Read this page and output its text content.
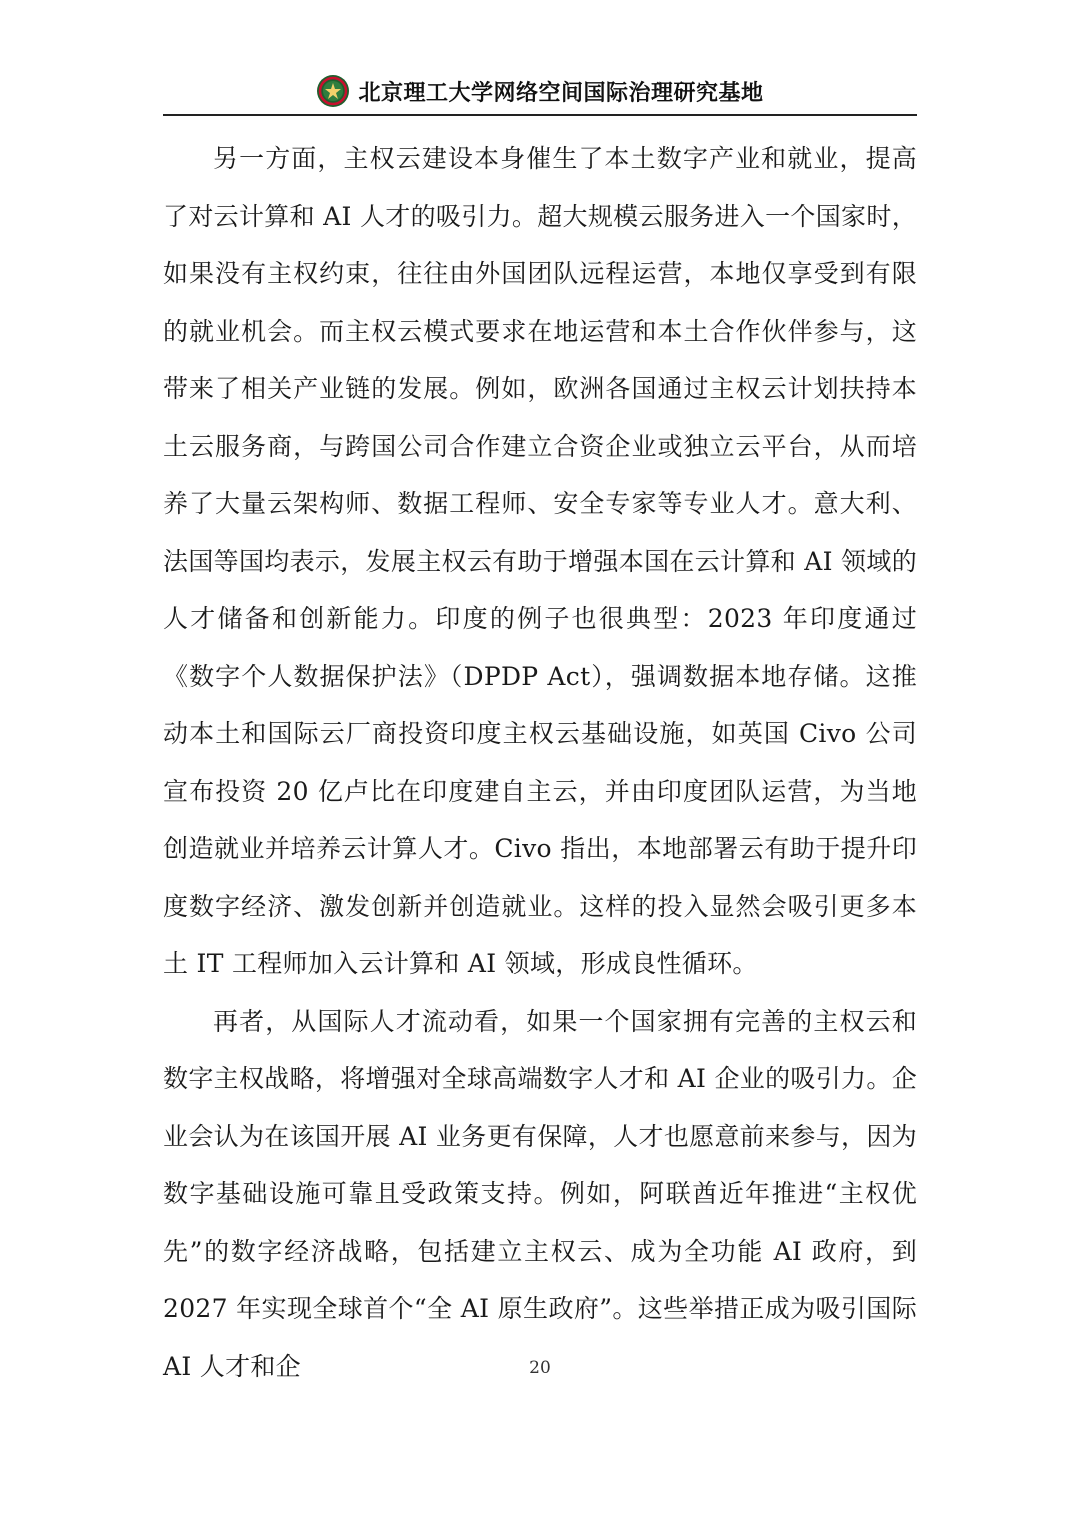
北京理工大学网络空间国际治理研究基地

另一方面，主权云建设本身催生了本土数字产业和就业，提高了对云计算和 AI 人才的吸引力。超大规模云服务进入一个国家时，如果没有主权约束，往往由外国团队远程运营，本地仅享受到有限的就业机会。而主权云模式要求在地运营和本土合作伙伴参与，这带来了相关产业链的发展。例如，欧洲各国通过主权云计划扶持本土云服务商，与跨国公司合作建立合资企业或独立云平台，从而培养了大量云架构师、数据工程师、安全专家等专业人才。意大利、法国等国均表示，发展主权云有助于增强本国在云计算和 AI 领域的人才储备和创新能力。印度的例子也很典型：2023 年印度通过《数字个人数据保护法》（DPDP Act），强调数据本地存储。这推动本土和国际云厂商投资印度主权云基础设施，如英国 Civo 公司宣布投资 20 亿卢比在印度建自主云，并由印度团队运营，为当地创造就业并培养云计算人才。Civo 指出，本地部署云有助于提升印度数字经济、激发创新并创造就业。这样的投入显然会吸引更多本土 IT 工程师加入云计算和 AI 领域，形成良性循环。

再者，从国际人才流动看，如果一个国家拥有完善的主权云和数字主权战略，将增强对全球高端数字人才和 AI 企业的吸引力。企业会认为在该国开展 AI 业务更有保障，人才也愿意前来参与，因为数字基础设施可靠且受政策支持。例如，阿联酋近年推进“主权优先”的数字经济战略，包括建立主权云、成为全功能 AI 政府，到 2027 年实现全球首个“全 AI 原生政府”。这些举措正成为吸引国际 AI 人才和企	20
